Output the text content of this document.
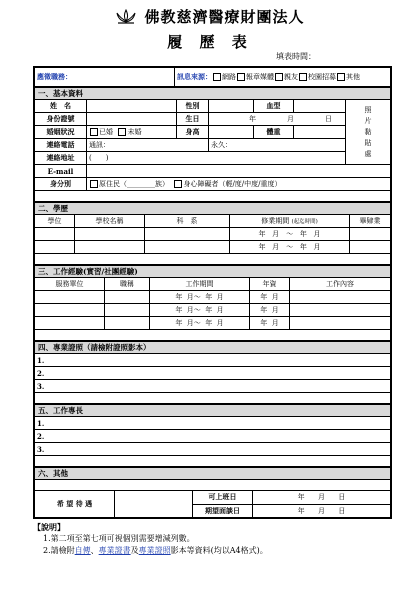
佛教慈濟醫療財團法人
履 歷 表
填表時間：
應徵職務：	訊息來源： 網路 報章媒體 親友 校園招募 其他
一、基本資料						
姓　名		性別		血型		照片黏貼處
身份證號		生日	年 月 日			
婚姻狀況	已婚 未婚	身高		體重		
連絡電話	通訊：		永久：			
連絡地址	(　　)					
E-mail						
身分別	原住民（________族） 身心障礙者（輕/度/中度/重度）					

二、學歷				
學位	學校名稱	科　系	修業期間 (起迄時間)	畢肄業
			年 月　～ 年 月	
			年 月　～ 年 月	

三、工作經驗(實習/社團經驗)				
服務單位	職稱	工作期間	年資	工作內容
		年 月～ 年 月	年 月	
		年 月～ 年 月	年 月	
		年 月～ 年 月	年 月	

四、專業證照（請檢附證照影本）
1.
2.
3.

五、工作專長
1.
2.
3.

六、其他			

希 望 待 遇		可上班日	年 月 日
		期望面談日	年 月 日
【說明】
1.第二項至第七項可視個別需要增減列數。
2.請檢附自傳、專業證書及專業證照影本等資料(均以A4格式)。
